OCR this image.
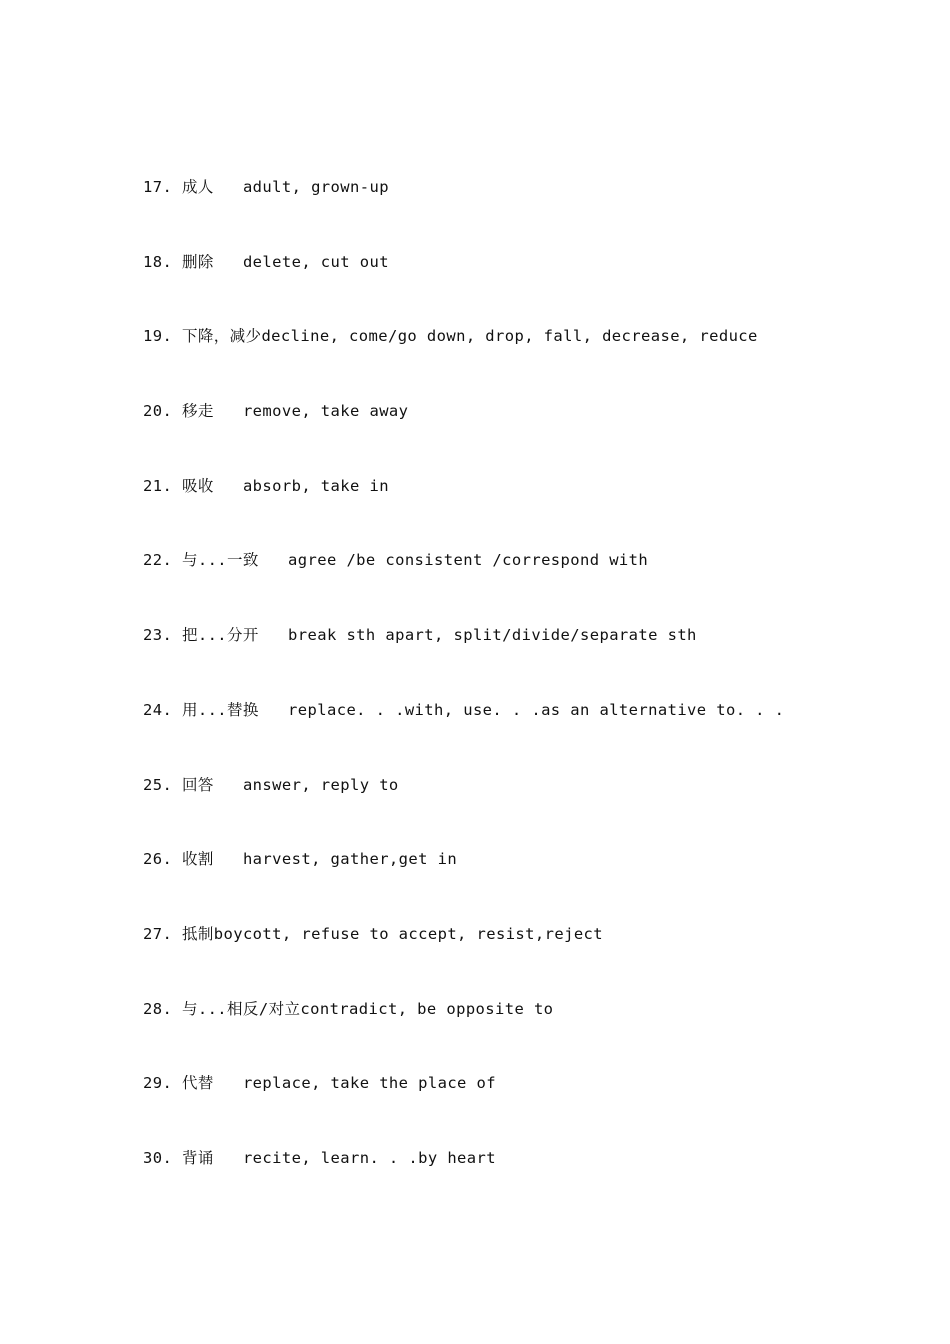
17. 成人 adult, grown-up
18. 删除 delete, cut out
19. 下降，减少decline, come/go down, drop, fall, decrease, reduce
20. 移走 remove, take away
21. 吸收 absorb, take in
22. 与...一致 agree /be consistent /correspond with
23. 把...分开 break sth apart, split/divide/separate sth
24. 用...替换 replace. . .with, use. . .as an alternative to. . .
25. 回答 answer, reply to
26. 收割 harvest, gather,get in
27. 抵制boycott, refuse to accept, resist,reject
28. 与...相反/对立contradict, be opposite to
29. 代替 replace, take the place of
30. 背诵 recite, learn. . .by heart
